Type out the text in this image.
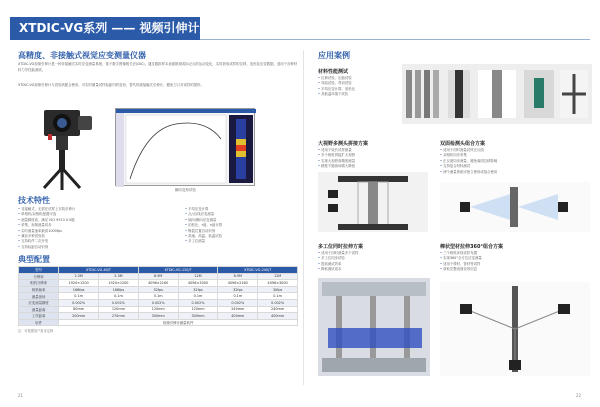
XTDIC-VG系列 —— 视频引伸计系统
高精度、非接触式视觉应变测量仪器
XTDIC-VG视频引伸计是一种非接触式实时应变测量系统，基于数字图像相关法(DIC)，通过跟踪样本表面散斑或标记点的运动变化，实时获取试样的位移、变形及应变数据，适用于各种材料力学性能测试。
XTDIC-VG视频引伸计与试验机配合使用，可实时测量试样标距内的变形，替代传统接触式引伸计，避免刀口对试样的损伤。
横向变形试验
技术特性
• 非接触式，无需在试样上安装引伸计
• 单相机/双相机配置可选
• 测量精度高，满足 ISO 9513 0.5级
• 采集、视频测量同步
• 实时测量速率最高1000fps
• 兼容多种试验机
• 支持软件二次开发
• 支持标距自动识别
• 平均应变计算
• 点/点/线应变测量
• 轴向/横向应变测量
• 泊松比、r值、n值计算
• 断裂位置自动识别
• 高速、高温、低温试验
• 多工位测量
典型配置
型号	XTDIC-VG-40/T		XTDIC-VG-120/T		XTDIC-VG-240/T	
分辨率	2.3M	2.3M	8.9M	12M	8.9M	12M
相机分辨率	1920×1200	1920×1200	4096×2160	4096×3000	4096×2160	4096×3000
相机帧率	166fps	166fps	32fps	32fps	32fps	30fps
测量视场	0.1m	0.1m	0.1m	0.1m	0.1m	0.1m
应变测量精度	0.002%	0.002%	0.002%	0.002%	0.002%	0.002%
测量距离	80mm	120mm	120mm	120mm	240mm	240mm
工作距离	200mm	270mm	300mm	300mm	400mm	400mm
软件	视频引伸计测量软件					
注：可根据客户需求定制
21
应用案例
材料性能测试
• 拉伸试验、压缩试验
• 弯曲试验、剪切试验
• 平均应变计算、泊松比
• 高低温环境下试验
大视野多测头拼接方案
• 适用于较长试样测量
• 多个相机拼接扩大视野
• 实现大视野高精度测量
• 精度不随视场增大降低
双面检测头组合方案
• 适用于同时测量试样正反面
• 双相机同步采集
• 正反面同步测量，避免离面位移影响
• 支持复合材料测试
• 两个测量系统可独立使用或组合使用
多工位同时拉伸方案
• 适用于同时测量多个试样
• 多工位同步试验
• 提高测试效率
• 降低测试成本
棒状型材拉伸360°组合方案
• 三个相机环绕试样布置
• 实现360°全方位应变测量
• 适用于棒材、管材等试样
• 获取完整表面变形信息
22
